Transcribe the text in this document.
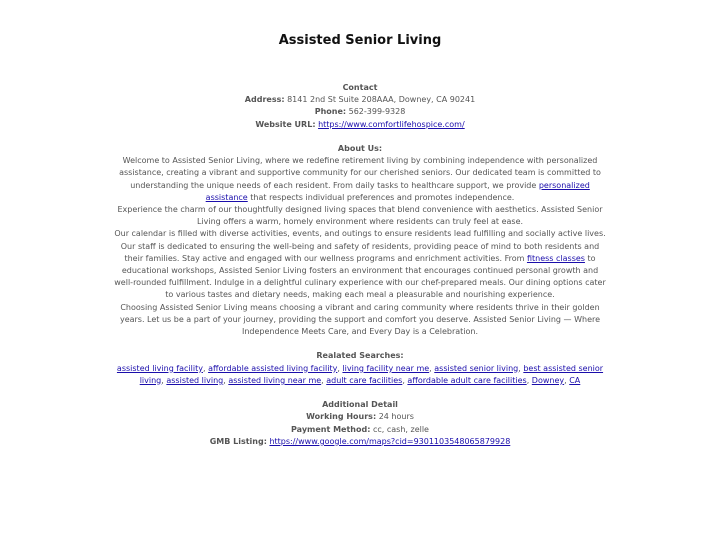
Assisted Senior Living

Contact

Address: 8141 2nd St Suite 208AAA, Downey, CA 90241

Phone: 562-399-9328

Website URL: https://www.comfortlifehospice.com/

About Us:

Welcome to Assisted Senior Living, where we redefine retirement living by combining independence with personalized assistance, creating a vibrant and supportive community for our cherished seniors. Our dedicated team is committed to understanding the unique needs of each resident. From daily tasks to healthcare support, we provide personalized assistance that respects individual preferences and promotes independence.

Experience the charm of our thoughtfully designed living spaces that blend convenience with aesthetics. Assisted Senior Living offers a warm, homely environment where residents can truly feel at ease.

Our calendar is filled with diverse activities, events, and outings to ensure residents lead fulfilling and socially active lives. Our staff is dedicated to ensuring the well-being and safety of residents, providing peace of mind to both residents and their families. Stay active and engaged with our wellness programs and enrichment activities. From fitness classes to educational workshops, Assisted Senior Living fosters an environment that encourages continued personal growth and well-rounded fulfillment. Indulge in a delightful culinary experience with our chef-prepared meals. Our dining options cater to various tastes and dietary needs, making each meal a pleasurable and nourishing experience.

Choosing Assisted Senior Living means choosing a vibrant and caring community where residents thrive in their golden years. Let us be a part of your journey, providing the support and comfort you deserve. Assisted Senior Living — Where Independence Meets Care, and Every Day is a Celebration.

Realated Searches:

assisted living facility, affordable assisted living facility, living facility near me, assisted senior living, best assisted senior living, assisted living, assisted living near me, adult care facilities, affordable adult care facilities, Downey, CA

Additional Detail

Working Hours: 24 hours

Payment Method: cc, cash, zelle

GMB Listing: https://www.google.com/maps?cid=9301103548065879928
